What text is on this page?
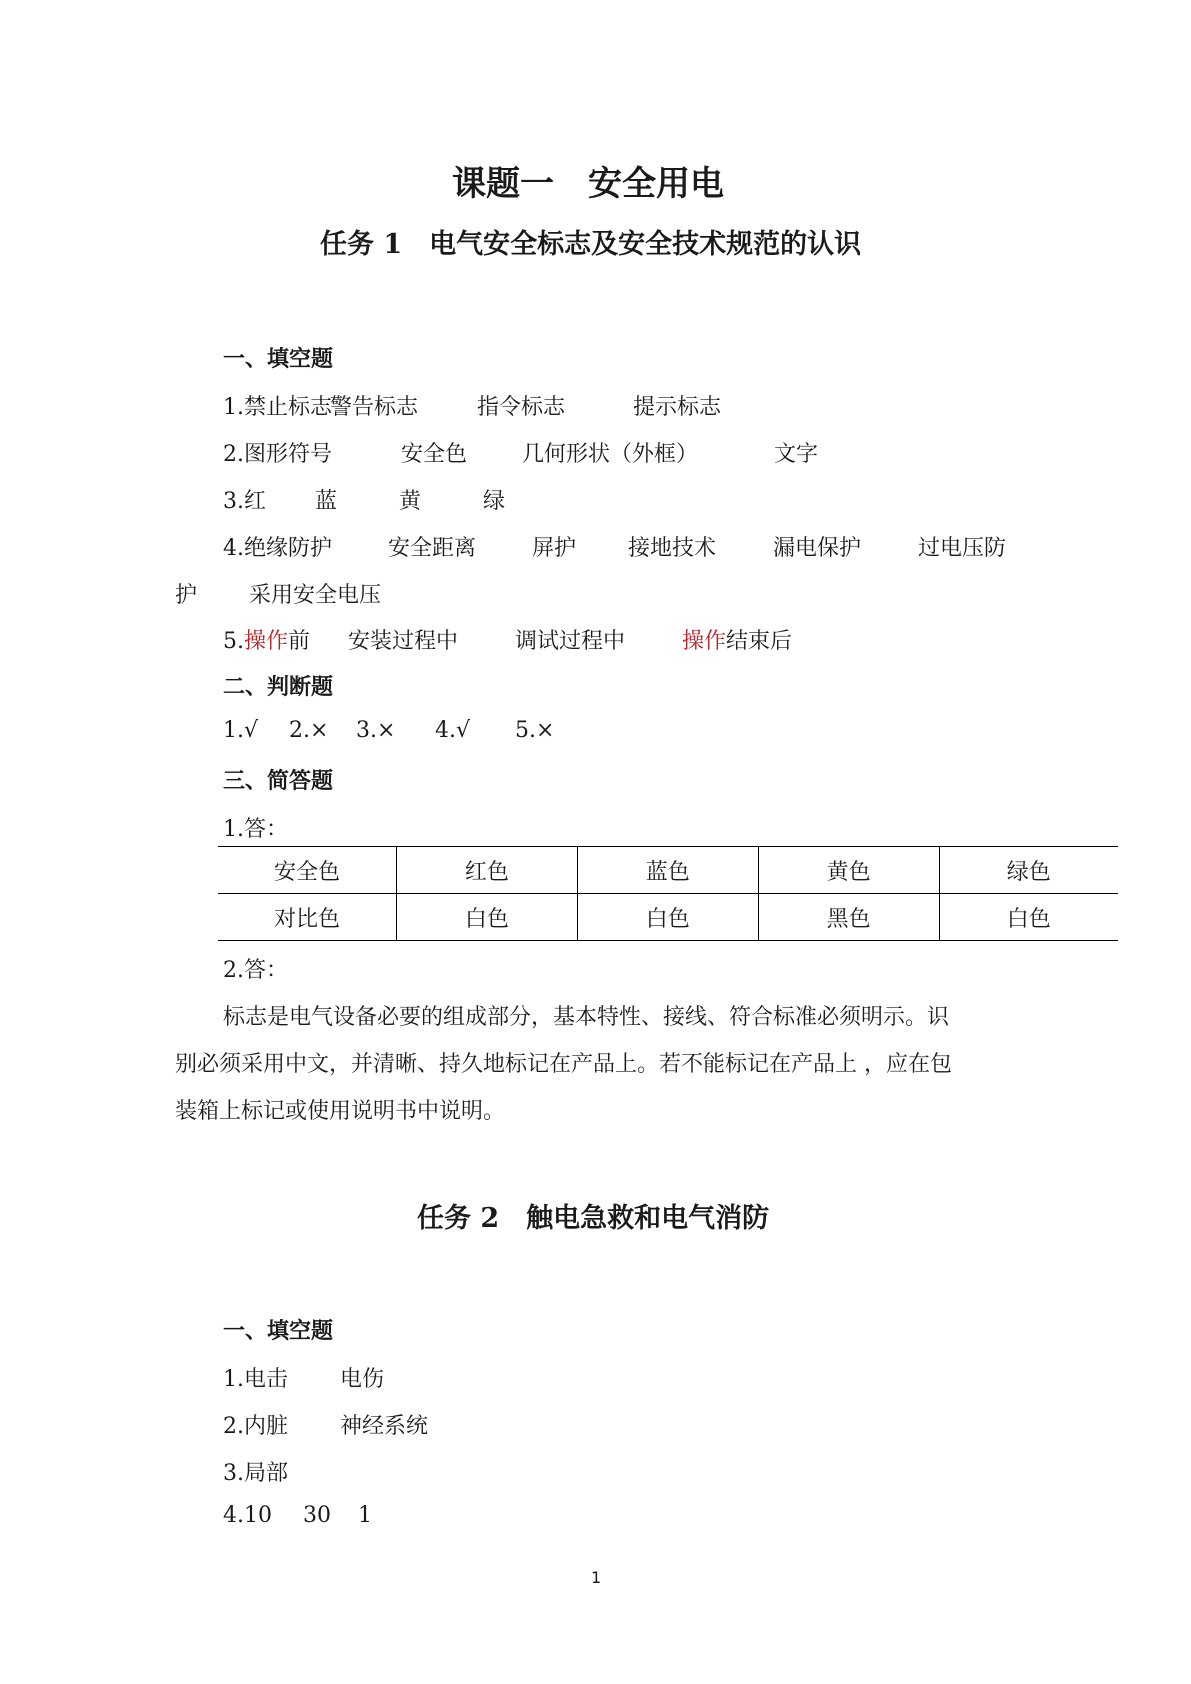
课题一　安全用电
任务 1　电气安全标志及安全技术规范的认识
一、填空题
1.禁止标志警告标志	指令标志	提示标志
2.图形符号	安全色 几何形状（外框）	文字
3.红 蓝	黄	绿
4.绝缘防护	安全距离	屏护 接地技术	漏电保护	过电压防
护 采用安全电压
5.操作前 安装过程中	调试过程中	操作结束后
二、判断题
1.√ 2.× 3.× 4.√ 5.×
三、简答题
1.答：
安全色	红色	蓝色	黄色	绿色
对比色	白色	白色	黑色	白色
2.答：
标志是电气设备必要的组成部分，基本特性、接线、符合标准必须明示。识
别必须采用中文，并清晰、持久地标记在产品上。若不能标记在产品上 ，应在包
装箱上标记或使用说明书中说明。
任务 2　触电急救和电气消防
一、填空题
1.电击 电伤
2.内脏 神经系统
3.局部
4.10 30 1
1
